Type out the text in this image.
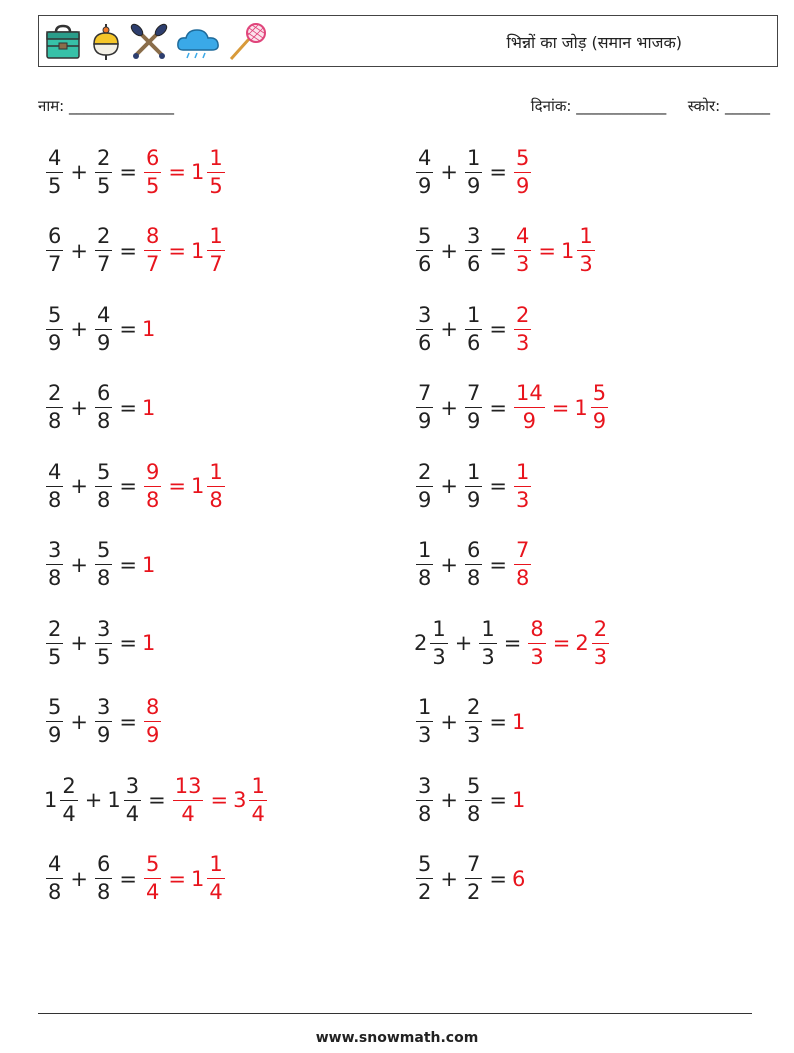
भिन्नों का जोड़ (समान भाजक)
नाम: ______________	दिनांक: ____________ स्कोर: ______
$\frac{4}{5} + \frac{2}{5} = \frac{6}{5} = 1 \frac{1}{5}$	$\frac{4}{9} + \frac{1}{9} = \frac{5}{9}$
$\frac{6}{7} + \frac{2}{7} = \frac{8}{7} = 1 \frac{1}{7}$	$\frac{5}{6} + \frac{3}{6} = \frac{4}{3} = 1 \frac{1}{3}$
$\frac{5}{9} + \frac{4}{9} = 1$	$\frac{3}{6} + \frac{1}{6} = \frac{2}{3}$
$\frac{2}{8} + \frac{6}{8} = 1$	$\frac{7}{9} + \frac{7}{9} = \frac{14}{9} = 1 \frac{5}{9}$
$\frac{4}{8} + \frac{5}{8} = \frac{9}{8} = 1 \frac{1}{8}$	$\frac{2}{9} + \frac{1}{9} = \frac{1}{3}$
$\frac{3}{8} + \frac{5}{8} = 1$	$\frac{1}{8} + \frac{6}{8} = \frac{7}{8}$
$\frac{2}{5} + \frac{3}{5} = 1$	$2 \frac{1}{3} + \frac{1}{3} = \frac{8}{3} = 2 \frac{2}{3}$
$\frac{5}{9} + \frac{3}{9} = \frac{8}{9}$	$\frac{1}{3} + \frac{2}{3} = 1$
$1 \frac{2}{4} + 1 \frac{3}{4} = \frac{13}{4} = 3 \frac{1}{4}$	$\frac{3}{8} + \frac{5}{8} = 1$
$\frac{4}{8} + \frac{6}{8} = \frac{5}{4} = 1 \frac{1}{4}$	$\frac{5}{2} + \frac{7}{2} = 6$
www.snowmath.com
